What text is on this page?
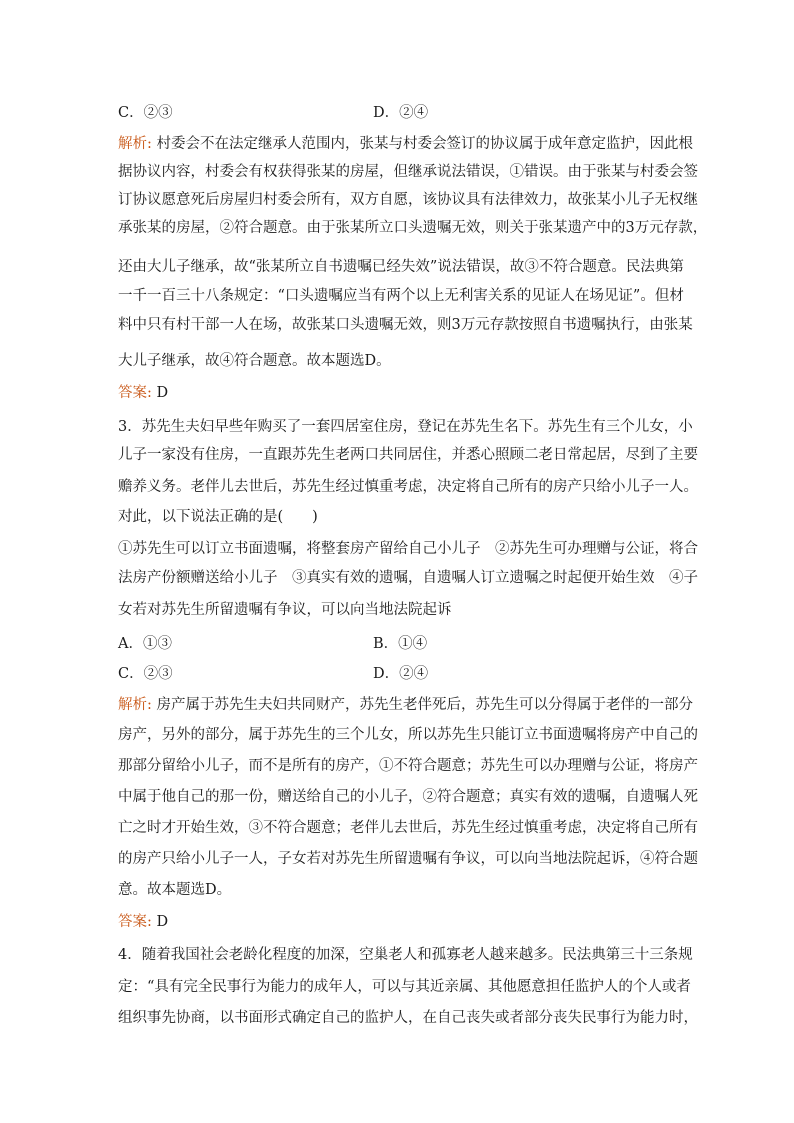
C．②③	D．②④
解析: 村委会不在法定继承人范围内，张某与村委会签订的协议属于成年意定监护，因此根
据协议内容，村委会有权获得张某的房屋，但继承说法错误，①错误。由于张某与村委会签
订协议愿意死后房屋归村委会所有，双方自愿，该协议具有法律效力，故张某小儿子无权继
承张某的房屋，②符合题意。由于张某所立口头遗嘱无效，则关于张某遗产中的3万元存款，
还由大儿子继承，故“张某所立自书遗嘱已经失效”说法错误，故③不符合题意。民法典第
一千一百三十八条规定：“口头遗嘱应当有两个以上无利害关系的见证人在场见证”。但材
料中只有村干部一人在场，故张某口头遗嘱无效，则3万元存款按照自书遗嘱执行，由张某
大儿子继承，故④符合题意。故本题选D。
答案: D
3．苏先生夫妇早些年购买了一套四居室住房，登记在苏先生名下。苏先生有三个儿女，小
儿子一家没有住房，一直跟苏先生老两口共同居住，并悉心照顾二老日常起居，尽到了主要
赡养义务。老伴儿去世后，苏先生经过慎重考虑，决定将自己所有的房产只给小儿子一人。
对此，以下说法正确的是(　　)
①苏先生可以订立书面遗嘱，将整套房产留给自己小儿子　②苏先生可办理赠与公证，将合
法房产份额赠送给小儿子　③真实有效的遗嘱，自遗嘱人订立遗嘱之时起便开始生效　④子
女若对苏先生所留遗嘱有争议，可以向当地法院起诉
A．①③	B．①④
C．②③	D．②④
解析: 房产属于苏先生夫妇共同财产，苏先生老伴死后，苏先生可以分得属于老伴的一部分
房产，另外的部分，属于苏先生的三个儿女，所以苏先生只能订立书面遗嘱将房产中自己的
那部分留给小儿子，而不是所有的房产，①不符合题意；苏先生可以办理赠与公证，将房产
中属于他自己的那一份，赠送给自己的小儿子，②符合题意；真实有效的遗嘱，自遗嘱人死
亡之时才开始生效，③不符合题意；老伴儿去世后，苏先生经过慎重考虑，决定将自己所有
的房产只给小儿子一人，子女若对苏先生所留遗嘱有争议，可以向当地法院起诉，④符合题
意。故本题选D。
答案: D
4．随着我国社会老龄化程度的加深，空巢老人和孤寡老人越来越多。民法典第三十三条规
定：“具有完全民事行为能力的成年人，可以与其近亲属、其他愿意担任监护人的个人或者
组织事先协商，以书面形式确定自己的监护人，在自己丧失或者部分丧失民事行为能力时，
